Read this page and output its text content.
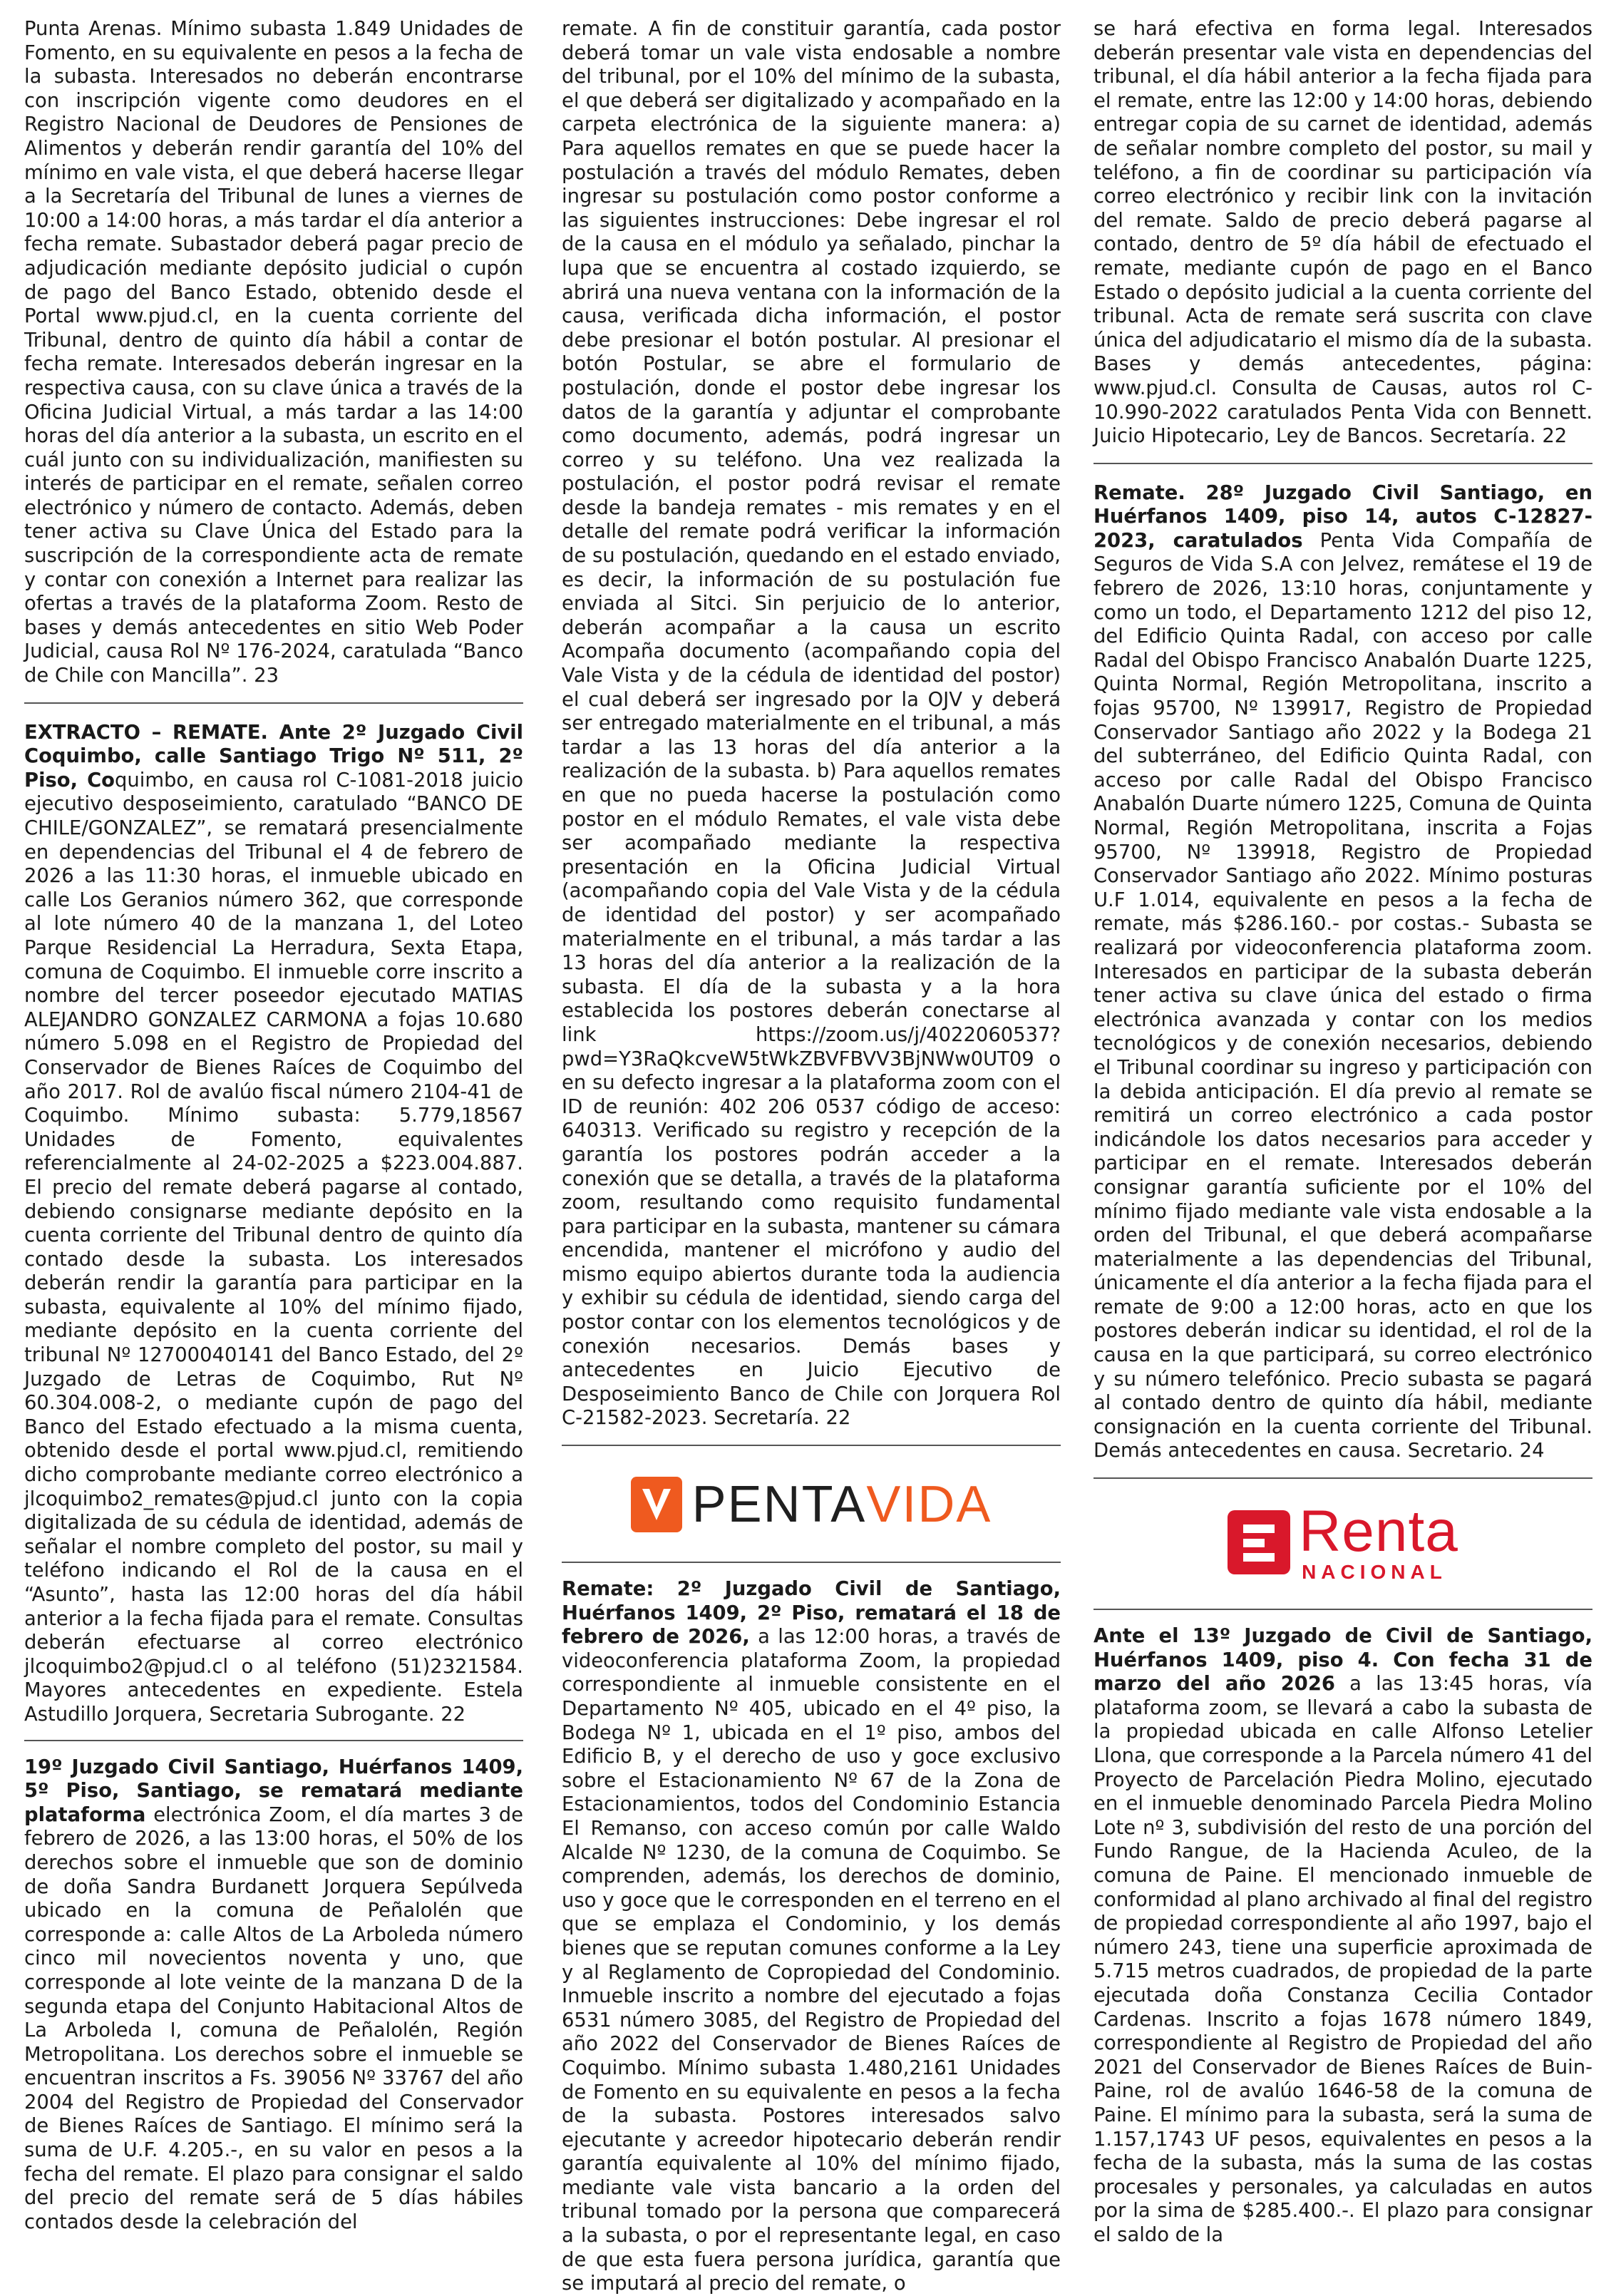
Punta Arenas. Mínimo subasta 1.849 Unidades de Fomento, en su equivalente en pesos a la fecha de la subasta. Interesados no deberán encontrarse con inscripción vigente como deudores en el Registro Nacional de Deudores de Pensiones de Alimentos y deberán rendir garantía del 10% del mínimo en vale vista, el que deberá hacerse llegar a la Secretaría del Tribunal de lunes a viernes de 10:00 a 14:00 horas, a más tardar el día anterior a fecha remate. Subastador deberá pagar precio de adjudicación mediante depósito judicial o cupón de pago del Banco Estado, obtenido desde el Portal www.pjud.cl, en la cuenta corriente del Tribunal, dentro de quinto día hábil a contar de fecha remate. Interesados deberán ingresar en la respectiva causa, con su clave única a través de la Oficina Judicial Virtual, a más tardar a las 14:00 horas del día anterior a la subasta, un escrito en el cuál junto con su individualización, manifiesten su interés de participar en el remate, señalen correo electrónico y número de contacto. Además, deben tener activa su Clave Única del Estado para la suscripción de la correspondiente acta de remate y contar con conexión a Internet para realizar las ofertas a través de la plataforma Zoom. Resto de bases y demás antecedentes en sitio Web Poder Judicial, causa Rol Nº 176-2024, caratulada “Banco de Chile con Mancilla”. 23

EXTRACTO – REMATE. Ante 2º Juzgado Civil Coquimbo, calle Santiago Trigo Nº 511, 2º Piso, Coquimbo, en causa rol C-1081-2018 juicio ejecutivo desposeimiento, caratulado “BANCO DE CHILE/GONZALEZ”, se rematará presencialmente en dependencias del Tribunal el 4 de febrero de 2026 a las 11:30 horas, el inmueble ubicado en calle Los Geranios número 362, que corresponde al lote número 40 de la manzana 1, del Loteo Parque Residencial La Herradura, Sexta Etapa, comuna de Coquimbo. El inmueble corre inscrito a nombre del tercer poseedor ejecutado MATIAS ALEJANDRO GONZALEZ CARMONA a fojas 10.680 número 5.098 en el Registro de Propiedad del Conservador de Bienes Raíces de Coquimbo del año 2017. Rol de avalúo fiscal número 2104-41 de Coquimbo. Mínimo subasta: 5.779,18567 Unidades de Fomento, equivalentes referencialmente al 24-02-2025 a $223.004.887. El precio del remate deberá pagarse al contado, debiendo consignarse mediante depósito en la cuenta corriente del Tribunal dentro de quinto día contado desde la subasta. Los interesados deberán rendir la garantía para participar en la subasta, equivalente al 10% del mínimo fijado, mediante depósito en la cuenta corriente del tribunal Nº 12700040141 del Banco Estado, del 2º Juzgado de Letras de Coquimbo, Rut Nº 60.304.008-2, o mediante cupón de pago del Banco del Estado efectuado a la misma cuenta, obtenido desde el portal www.pjud.cl, remitiendo dicho comprobante mediante correo electrónico a jlcoquimbo2_remates@pjud.cl junto con la copia digitalizada de su cédula de identidad, además de señalar el nombre completo del postor, su mail y teléfono indicando el Rol de la causa en el “Asunto”, hasta las 12:00 horas del día hábil anterior a la fecha fijada para el remate. Consultas deberán efectuarse al correo electrónico jlcoquimbo2@pjud.cl o al teléfono (51)2321584. Mayores antecedentes en expediente. Estela Astudillo Jorquera, Secretaria Subrogante. 22

19º Juzgado Civil Santiago, Huérfanos 1409, 5º Piso, Santiago, se rematará mediante plataforma electrónica Zoom, el día martes 3 de febrero de 2026, a las 13:00 horas, el 50% de los derechos sobre el inmueble que son de dominio de doña Sandra Burdanett Jorquera Sepúlveda ubicado en la comuna de Peñalolén que corresponde a: calle Altos de La Arboleda número cinco mil novecientos noventa y uno, que corresponde al lote veinte de la manzana D de la segunda etapa del Conjunto Habitacional Altos de La Arboleda I, comuna de Peñalolén, Región Metropolitana. Los derechos sobre el inmueble se encuentran inscritos a Fs. 39056 Nº 33767 del año 2004 del Registro de Propiedad del Conservador de Bienes Raíces de Santiago. El mínimo será la suma de U.F. 4.205.-, en su valor en pesos a la fecha del remate. El plazo para consignar el saldo del precio del remate será de 5 días hábiles contados desde la celebración del

remate. A fin de constituir garantía, cada postor deberá tomar un vale vista endosable a nombre del tribunal, por el 10% del mínimo de la subasta, el que deberá ser digitalizado y acompañado en la carpeta electrónica de la siguiente manera: a) Para aquellos remates en que se puede hacer la postulación a través del módulo Remates, deben ingresar su postulación como postor conforme a las siguientes instrucciones: Debe ingresar el rol de la causa en el módulo ya señalado, pinchar la lupa que se encuentra al costado izquierdo, se abrirá una nueva ventana con la información de la causa, verificada dicha información, el postor debe presionar el botón postular. Al presionar el botón Postular, se abre el formulario de postulación, donde el postor debe ingresar los datos de la garantía y adjuntar el comprobante como documento, además, podrá ingresar un correo y su teléfono. Una vez realizada la postulación, el postor podrá revisar el remate desde la bandeja remates - mis remates y en el detalle del remate podrá verificar la información de su postulación, quedando en el estado enviado, es decir, la información de su postulación fue enviada al Sitci. Sin perjuicio de lo anterior, deberán acompañar a la causa un escrito Acompaña documento (acompañando copia del Vale Vista y de la cédula de identidad del postor) el cual deberá ser ingresado por la OJV y deberá ser entregado materialmente en el tribunal, a más tardar a las 13 horas del día anterior a la realización de la subasta. b) Para aquellos remates en que no pueda hacerse la postulación como postor en el módulo Remates, el vale vista debe ser acompañado mediante la respectiva presentación en la Oficina Judicial Virtual (acompañando copia del Vale Vista y de la cédula de identidad del postor) y ser acompañado materialmente en el tribunal, a más tardar a las 13 horas del día anterior a la realización de la subasta. El día de la subasta y a la hora establecida los postores deberán conectarse al link https://zoom.us/j/4022060537?pwd=Y3RaQkcveW5tWkZBVFBVV3BjNWw0UT09 o en su defecto ingresar a la plataforma zoom con el ID de reunión: 402 206 0537 código de acceso: 640313. Verificado su registro y recepción de la garantía los postores podrán acceder a la conexión que se detalla, a través de la plataforma zoom, resultando como requisito fundamental para participar en la subasta, mantener su cámara encendida, mantener el micrófono y audio del mismo equipo abiertos durante toda la audiencia y exhibir su cédula de identidad, siendo carga del postor contar con los elementos tecnológicos y de conexión necesarios. Demás bases y antecedentes en Juicio Ejecutivo de Desposeimiento Banco de Chile con Jorquera Rol C-21582-2023. Secretaría. 22

PENTA VIDA

Remate: 2º Juzgado Civil de Santiago, Huérfanos 1409, 2º Piso, rematará el 18 de febrero de 2026, a las 12:00 horas, a través de videoconferencia plataforma Zoom, la propiedad correspondiente al inmueble consistente en el Departamento Nº 405, ubicado en el 4º piso, la Bodega Nº 1, ubicada en el 1º piso, ambos del Edificio B, y el derecho de uso y goce exclusivo sobre el Estacionamiento Nº 67 de la Zona de Estacionamientos, todos del Condominio Estancia El Remanso, con acceso común por calle Waldo Alcalde Nº 1230, de la comuna de Coquimbo. Se comprenden, además, los derechos de dominio, uso y goce que le corresponden en el terreno en el que se emplaza el Condominio, y los demás bienes que se reputan comunes conforme a la Ley y al Reglamento de Copropiedad del Condominio. Inmueble inscrito a nombre del ejecutado a fojas 6531 número 3085, del Registro de Propiedad del año 2022 del Conservador de Bienes Raíces de Coquimbo. Mínimo subasta 1.480,2161 Unidades de Fomento en su equivalente en pesos a la fecha de la subasta. Postores interesados salvo ejecutante y acreedor hipotecario deberán rendir garantía equivalente al 10% del mínimo fijado, mediante vale vista bancario a la orden del tribunal tomado por la persona que comparecerá a la subasta, o por el representante legal, en caso de que esta fuera persona jurídica, garantía que se imputará al precio del remate, o

se hará efectiva en forma legal. Interesados deberán presentar vale vista en dependencias del tribunal, el día hábil anterior a la fecha fijada para el remate, entre las 12:00 y 14:00 horas, debiendo entregar copia de su carnet de identidad, además de señalar nombre completo del postor, su mail y teléfono, a fin de coordinar su participación vía correo electrónico y recibir link con la invitación del remate. Saldo de precio deberá pagarse al contado, dentro de 5º día hábil de efectuado el remate, mediante cupón de pago en el Banco Estado o depósito judicial a la cuenta corriente del tribunal. Acta de remate será suscrita con clave única del adjudicatario el mismo día de la subasta. Bases y demás antecedentes, página: www.pjud.cl. Consulta de Causas, autos rol C-10.990-2022 caratulados Penta Vida con Bennett. Juicio Hipotecario, Ley de Bancos. Secretaría. 22

Remate. 28º Juzgado Civil Santiago, en Huérfanos 1409, piso 14, autos C-12827-2023, caratulados Penta Vida Compañía de Seguros de Vida S.A con Jelvez, remátese el 19 de febrero de 2026, 13:10 horas, conjuntamente y como un todo, el Departamento 1212 del piso 12, del Edificio Quinta Radal, con acceso por calle Radal del Obispo Francisco Anabalón Duarte 1225, Quinta Normal, Región Metropolitana, inscrito a fojas 95700, Nº 139917, Registro de Propiedad Conservador Santiago año 2022 y la Bodega 21 del subterráneo, del Edificio Quinta Radal, con acceso por calle Radal del Obispo Francisco Anabalón Duarte número 1225, Comuna de Quinta Normal, Región Metropolitana, inscrita a Fojas 95700, Nº 139918, Registro de Propiedad Conservador Santiago año 2022. Mínimo posturas U.F 1.014, equivalente en pesos a la fecha de remate, más $286.160.- por costas.- Subasta se realizará por videoconferencia plataforma zoom. Interesados en participar de la subasta deberán tener activa su clave única del estado o firma electrónica avanzada y contar con los medios tecnológicos y de conexión necesarios, debiendo el Tribunal coordinar su ingreso y participación con la debida anticipación. El día previo al remate se remitirá un correo electrónico a cada postor indicándole los datos necesarios para acceder y participar en el remate. Interesados deberán consignar garantía suficiente por el 10% del mínimo fijado mediante vale vista endosable a la orden del Tribunal, el que deberá acompañarse materialmente a las dependencias del Tribunal, únicamente el día anterior a la fecha fijada para el remate de 9:00 a 12:00 horas, acto en que los postores deberán indicar su identidad, el rol de la causa en la que participará, su correo electrónico y su número telefónico. Precio subasta se pagará al contado dentro de quinto día hábil, mediante consignación en la cuenta corriente del Tribunal. Demás antecedentes en causa. Secretario. 24

Renta
NACIONAL

Ante el 13º Juzgado de Civil de Santiago, Huérfanos 1409, piso 4. Con fecha 31 de marzo del año 2026 a las 13:45 horas, vía plataforma zoom, se llevará a cabo la subasta de la propiedad ubicada en calle Alfonso Letelier Llona, que corresponde a la Parcela número 41 del Proyecto de Parcelación Piedra Molino, ejecutado en el inmueble denominado Parcela Piedra Molino Lote nº 3, subdivisión del resto de una porción del Fundo Rangue, de la Hacienda Aculeo, de la comuna de Paine. El mencionado inmueble de conformidad al plano archivado al final del registro de propiedad correspondiente al año 1997, bajo el número 243, tiene una superficie aproximada de 5.715 metros cuadrados, de propiedad de la parte ejecutada doña Constanza Cecilia Contador Cardenas. Inscrito a fojas 1678 número 1849, correspondiente al Registro de Propiedad del año 2021 del Conservador de Bienes Raíces de Buin-Paine, rol de avalúo 1646-58 de la comuna de Paine. El mínimo para la subasta, será la suma de 1.157,1743 UF pesos, equivalentes en pesos a la fecha de la subasta, más la suma de las costas procesales y personales, ya calculadas en autos por la sima de $285.400.-. El plazo para consignar el saldo de la
